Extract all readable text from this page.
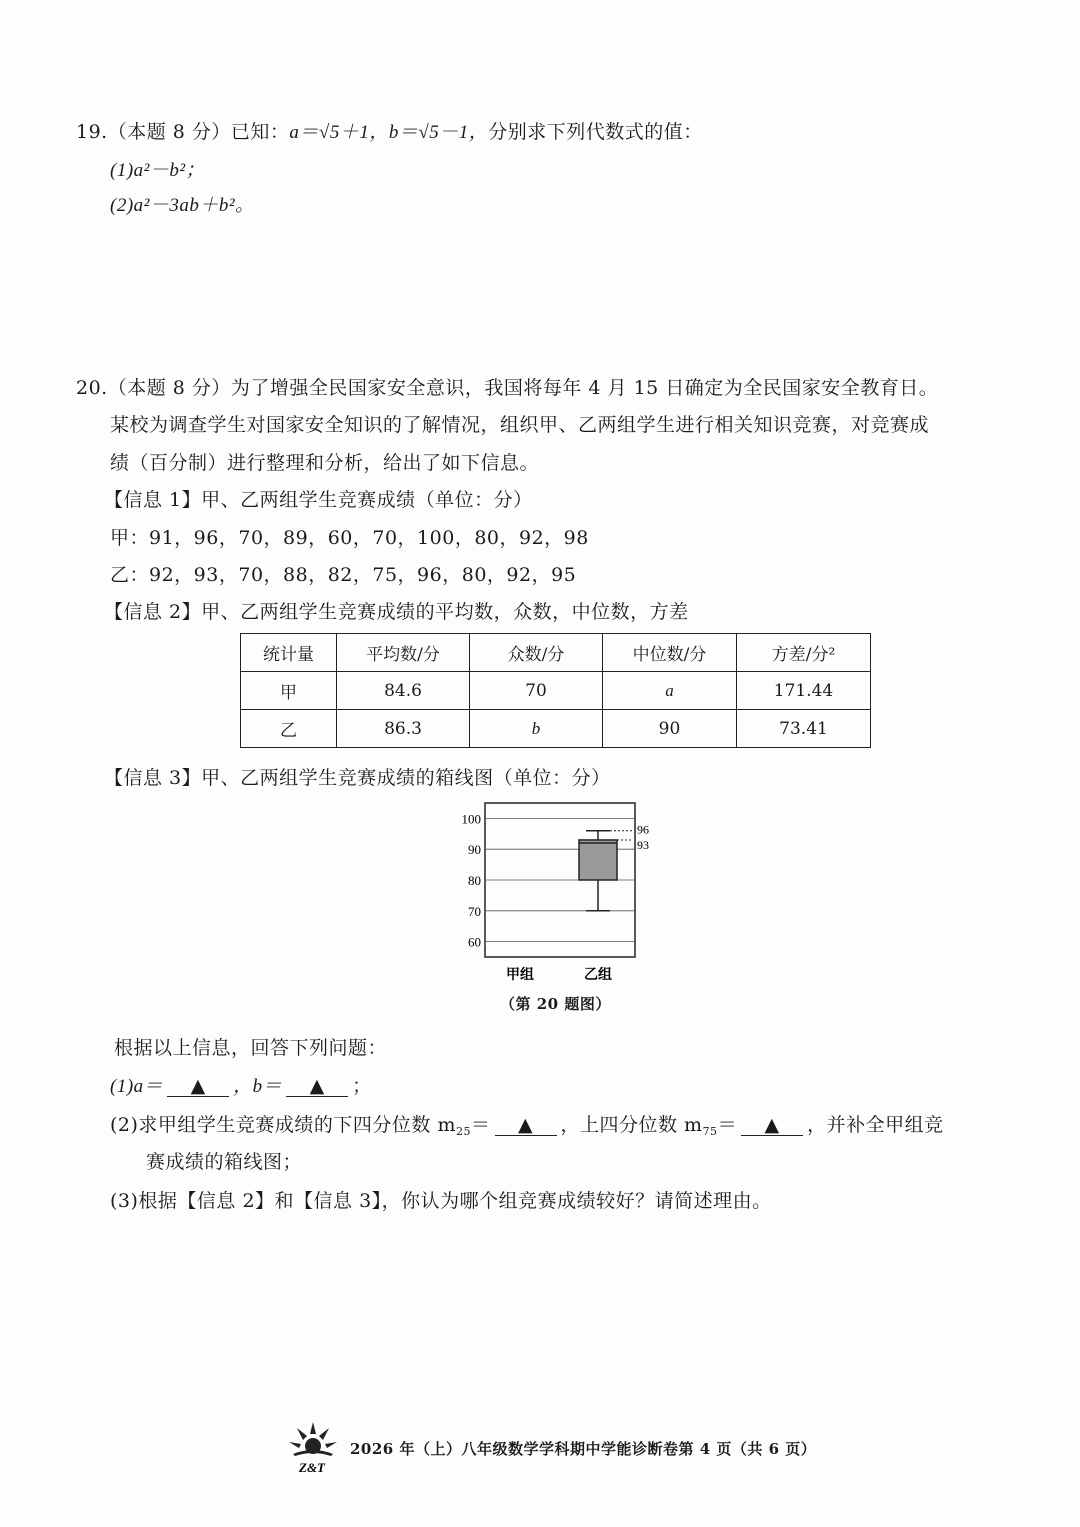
19.（本题 8 分）已知：a＝√5＋1，b＝√5－1，分别求下列代数式的值：
(1)a²－b²；
(2)a²－3ab＋b²。
20.（本题 8 分）为了增强全民国家安全意识，我国将每年 4 月 15 日确定为全民国家安全教育日。
某校为调查学生对国家安全知识的了解情况，组织甲、乙两组学生进行相关知识竞赛，对竞赛成
绩（百分制）进行整理和分析，给出了如下信息。
【信息 1】甲、乙两组学生竞赛成绩（单位：分）
甲：91，96，70，89，60，70，100，80，92，98
乙：92，93，70，88，82，75，96，80，92，95
【信息 2】甲、乙两组学生竞赛成绩的平均数，众数，中位数，方差
统计量	平均数/分	众数/分	中位数/分	方差/分²
甲	84.6	70	a	171.44
乙	86.3	b	90	73.41
【信息 3】甲、乙两组学生竞赛成绩的箱线图（单位：分）
60
70
80
90
100
甲组	乙组
96
93
（第 20 题图）
根据以上信息，回答下列问题：
(1)a＝ ▲ ，b＝ ▲ ；
(2)求甲组学生竞赛成绩的下四分位数 $m_{25}=$ ▲ ，上四分位数 $m_{75}=$ ▲ ，并补全甲组竞
赛成绩的箱线图；
(3)根据【信息 2】和【信息 3】，你认为哪个组竞赛成绩较好？请简述理由。
Z&T
2026 年（上）八年级数学学科期中学能诊断卷第 4 页（共 6 页）
